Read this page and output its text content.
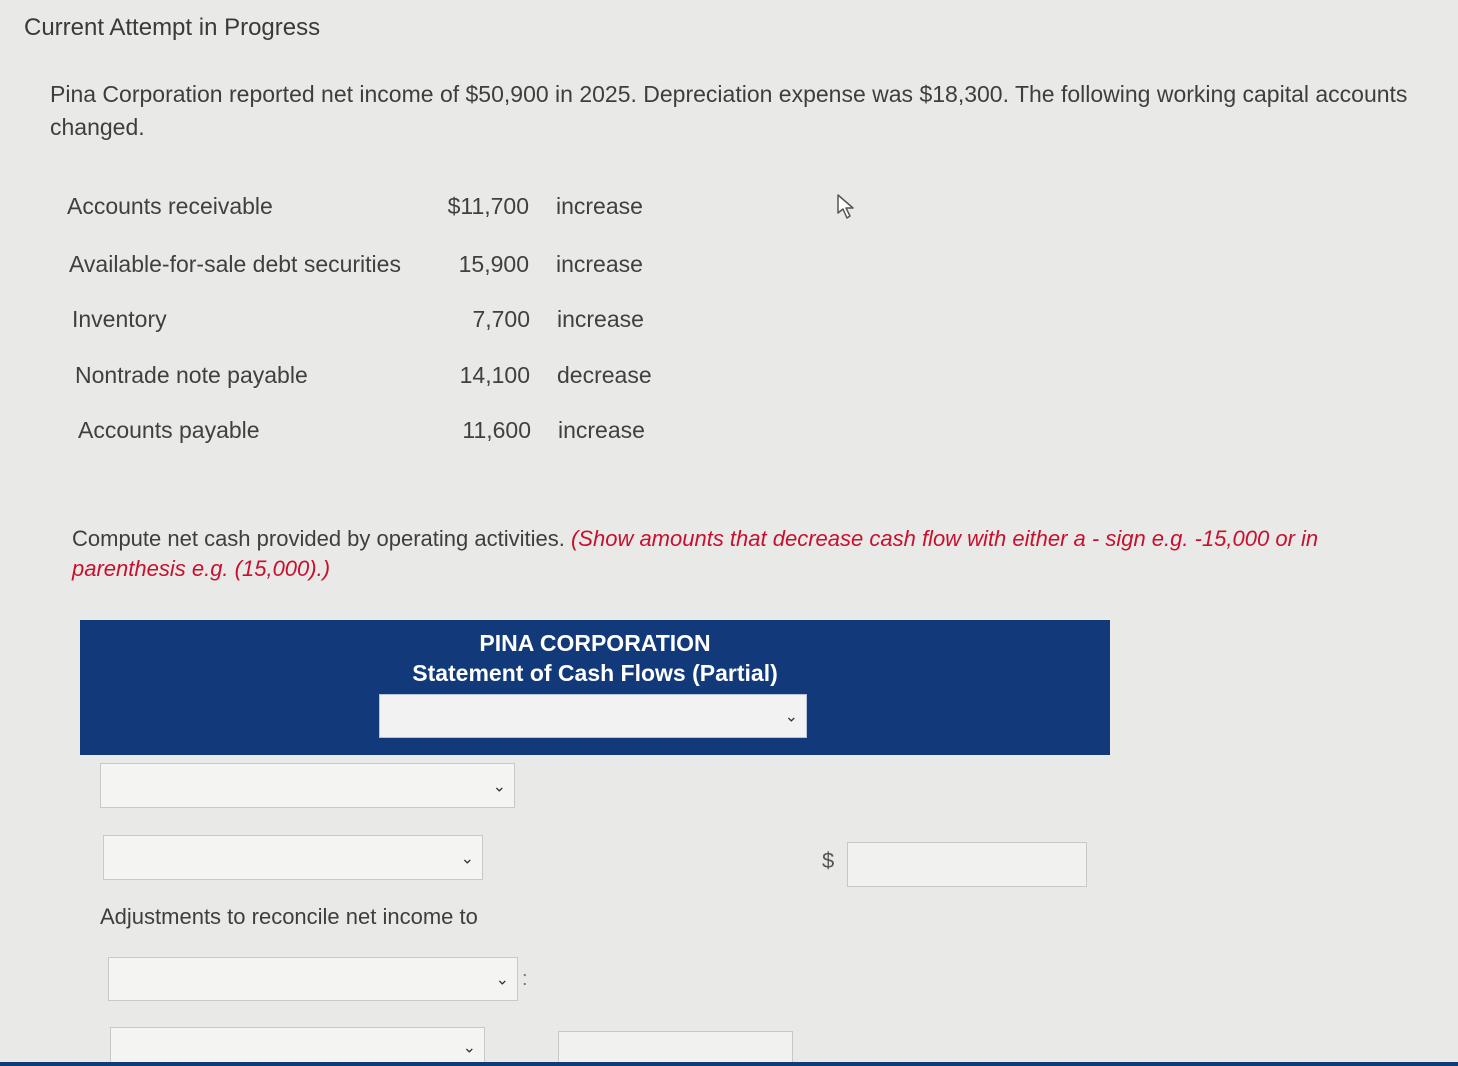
Current Attempt in Progress
Pina Corporation reported net income of $50,900 in 2025. Depreciation expense was $18,300. The following working capital accounts changed.
Accounts receivable	$11,700 increase
Available-for-sale debt securities	15,900 increase
Inventory	7,700 increase
Nontrade note payable	14,100 decrease
Accounts payable	11,600 increase
Compute net cash provided by operating activities. (Show amounts that decrease cash flow with either a - sign e.g. -15,000 or in parenthesis e.g. (15,000).)
PINA CORPORATION
Statement of Cash Flows (Partial)
⌄
⌄
⌄	$
Adjustments to reconcile net income to
⌄ :
⌄
